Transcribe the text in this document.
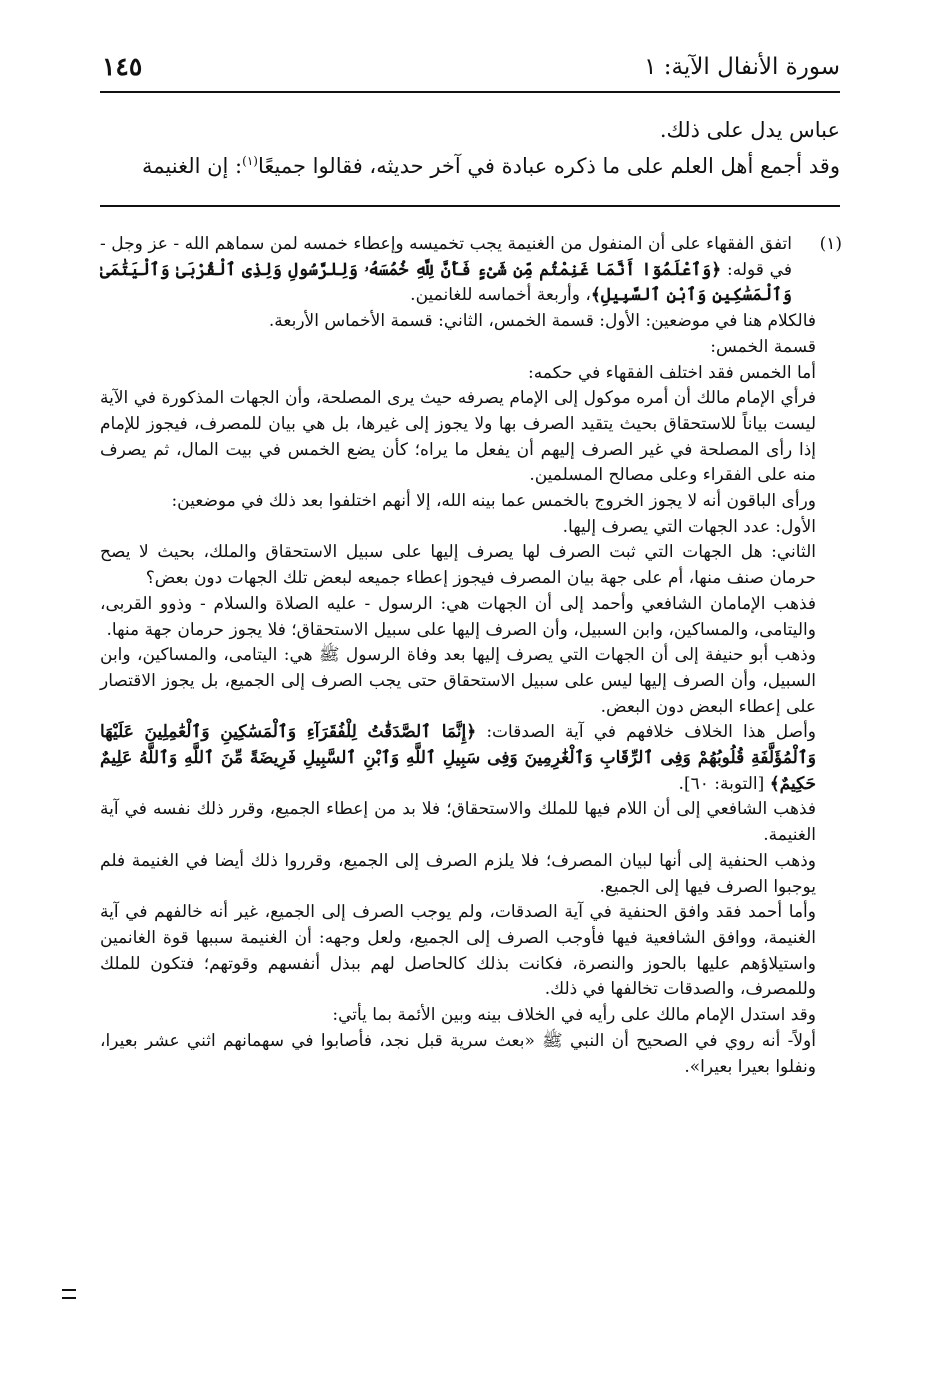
سورة الأنفال الآية: ١
١٤٥

عباس يدل على ذلك.

وقد أجمع أهل العلم على ما ذكره عبادة في آخر حديثه، فقالوا جميعًا$^{(١)}$: إن الغنيمة

(١)

اتفق الفقهاء على أن المنفول من الغنيمة يجب تخميسه وإعطاء خمسه لمن سماهم الله - عز وجل - في قوله: ﴿وَٱعْلَمُوٓا أَنَّمَا غَنِمْتُم مِّن شَىْءٍ فَأَنَّ لِلَّهِ خُمُسَهُۥ وَلِلرَّسُولِ وَلِذِى ٱلْقُرْبَىٰ وَٱلْيَتَٰمَىٰ وَٱلْمَسَٰكِينِ وَٱبْنِ ٱلسَّبِيلِ﴾، وأربعة أخماسه للغانمين.

فالكلام هنا في موضعين: الأول: قسمة الخمس، الثاني: قسمة الأخماس الأربعة.

قسمة الخمس:

أما الخمس فقد اختلف الفقهاء في حكمه:

فرأي الإمام مالك أن أمره موكول إلى الإمام يصرفه حيث يرى المصلحة، وأن الجهات المذكورة في الآية ليست بياناً للاستحقاق بحيث يتقيد الصرف بها ولا يجوز إلى غيرها، بل هي بيان للمصرف، فيجوز للإمام إذا رأى المصلحة في غير الصرف إليهم أن يفعل ما يراه؛ كأن يضع الخمس في بيت المال، ثم يصرف منه على الفقراء وعلى مصالح المسلمين.

ورأى الباقون أنه لا يجوز الخروج بالخمس عما بينه الله، إلا أنهم اختلفوا بعد ذلك في موضعين:

الأول: عدد الجهات التي يصرف إليها.

الثاني: هل الجهات التي ثبت الصرف لها يصرف إليها على سبيل الاستحقاق والملك، بحيث لا يصح حرمان صنف منها، أم على جهة بيان المصرف فيجوز إعطاء جميعه لبعض تلك الجهات دون بعض؟

فذهب الإمامان الشافعي وأحمد إلى أن الجهات هي: الرسول - عليه الصلاة والسلام - وذوو القربى، واليتامى، والمساكين، وابن السبيل، وأن الصرف إليها على سبيل الاستحقاق؛ فلا يجوز حرمان جهة منها.

وذهب أبو حنيفة إلى أن الجهات التي يصرف إليها بعد وفاة الرسول ﷺ هي: اليتامى، والمساكين، وابن السبيل، وأن الصرف إليها ليس على سبيل الاستحقاق حتى يجب الصرف إلى الجميع، بل يجوز الاقتصار على إعطاء البعض دون البعض.

وأصل هذا الخلاف خلافهم في آية الصدقات: ﴿إِنَّمَا ٱلصَّدَقَٰتُ لِلْفُقَرَآءِ وَٱلْمَسَٰكِينِ وَٱلْعَٰمِلِينَ عَلَيْهَا وَٱلْمُؤَلَّفَةِ قُلُوبُهُمْ وَفِى ٱلرِّقَابِ وَٱلْغَٰرِمِينَ وَفِى سَبِيلِ ٱللَّهِ وَٱبْنِ ٱلسَّبِيلِ فَرِيضَةً مِّنَ ٱللَّهِ وَٱللَّهُ عَلِيمٌ حَكِيمٌ﴾ [التوبة: ٦٠].

فذهب الشافعي إلى أن اللام فيها للملك والاستحقاق؛ فلا بد من إعطاء الجميع، وقرر ذلك نفسه في آية الغنيمة.

وذهب الحنفية إلى أنها لبيان المصرف؛ فلا يلزم الصرف إلى الجميع، وقرروا ذلك أيضا في الغنيمة فلم يوجبوا الصرف فيها إلى الجميع.

وأما أحمد فقد وافق الحنفية في آية الصدقات، ولم يوجب الصرف إلى الجميع، غير أنه خالفهم في آية الغنيمة، ووافق الشافعية فيها فأوجب الصرف إلى الجميع، ولعل وجهه: أن الغنيمة سببها قوة الغانمين واستيلاؤهم عليها بالحوز والنصرة، فكانت بذلك كالحاصل لهم ببذل أنفسهم وقوتهم؛ فتكون للملك وللمصرف، والصدقات تخالفها في ذلك.

وقد استدل الإمام مالك على رأيه في الخلاف بينه وبين الأئمة بما يأتي:

أولاً- أنه روي في الصحيح أن النبي ﷺ «بعث سرية قبل نجد، فأصابوا في سهمانهم اثني عشر بعيرا، ونفلوا بعيرا بعيرا».
